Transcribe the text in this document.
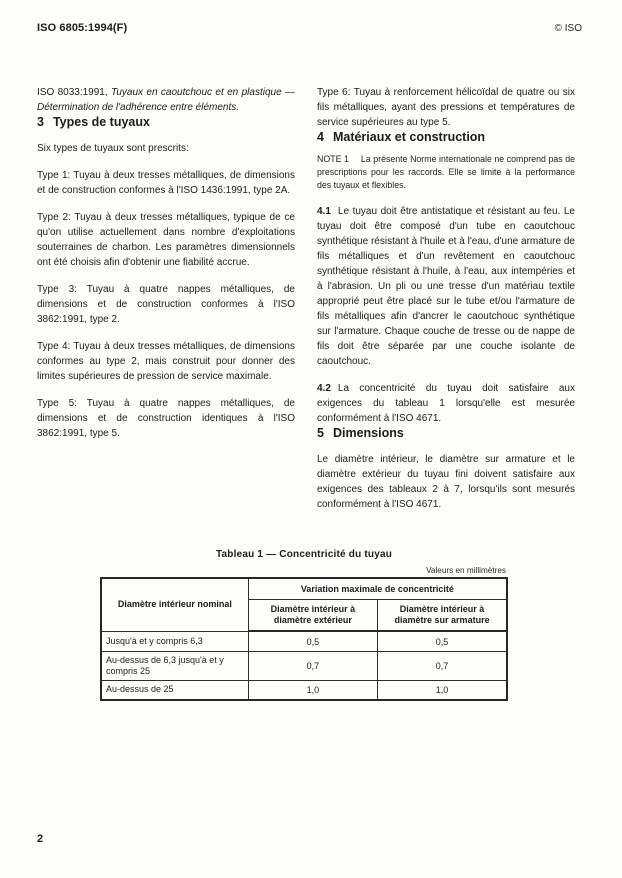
ISO 6805:1994(F)	© ISO

ISO 8033:1991, Tuyaux en caoutchouc et en plastique — Détermination de l'adhérence entre éléments.

3 Types de tuyaux

Six types de tuyaux sont prescrits:

Type 1: Tuyau à deux tresses métalliques, de dimensions et de construction conformes à l'ISO 1436:1991, type 2A.

Type 2: Tuyau à deux tresses métalliques, typique de ce qu'on utilise actuellement dans nombre d'exploitations souterraines de charbon. Les paramètres dimensionnels ont été choisis afin d'obtenir une fiabilité accrue.

Type 3: Tuyau à quatre nappes métalliques, de dimensions et de construction conformes à l'ISO 3862:1991, type 2.

Type 4: Tuyau à deux tresses métalliques, de dimensions conformes au type 2, mais construit pour donner des limites supérieures de pression de service maximale.

Type 5: Tuyau à quatre nappes métalliques, de dimensions et de construction identiques à l'ISO 3862:1991, type 5.

Type 6: Tuyau à renforcement hélicoïdal de quatre ou six fils métalliques, ayant des pressions et températures de service supérieures au type 5.

4 Matériaux et construction

NOTE 1 La présente Norme internationale ne comprend pas de prescriptions pour les raccords. Elle se limite à la performance des tuyaux et flexibles.

4.1 Le tuyau doit être antistatique et résistant au feu. Le tuyau doit être composé d'un tube en caoutchouc synthétique résistant à l'huile et à l'eau, d'une armature de fils métalliques et d'un revêtement en caoutchouc synthétique résistant à l'huile, à l'eau, aux intempéries et à l'abrasion. Un pli ou une tresse d'un matériau textile approprié peut être placé sur le tube et/ou l'armature de fils métalliques afin d'ancrer le caoutchouc synthétique sur l'armature. Chaque couche de tresse ou de nappe de fils doit être séparée par une couche isolante de caoutchouc.

4.2 La concentricité du tuyau doit satisfaire aux exigences du tableau 1 lorsqu'elle est mesurée conformément à l'ISO 4671.

5 Dimensions

Le diamètre intérieur, le diamètre sur armature et le diamètre extérieur du tuyau fini doivent satisfaire aux exigences des tableaux 2 à 7, lorsqu'ils sont mesurés conformément à l'ISO 4671.

Tableau 1 — Concentricité du tuyau
Valeurs en millimètres
Diamètre intérieur nominal	Variation maximale de concentricité	
	Diamètre intérieur à diamètre extérieur	Diamètre intérieur à diamètre sur armature
Jusqu'à et y compris 6,3	0,5	0,5
Au-dessus de 6,3 jusqu'à et y compris 25	0,7	0,7
Au-dessus de 25	1,0	1,0
2
